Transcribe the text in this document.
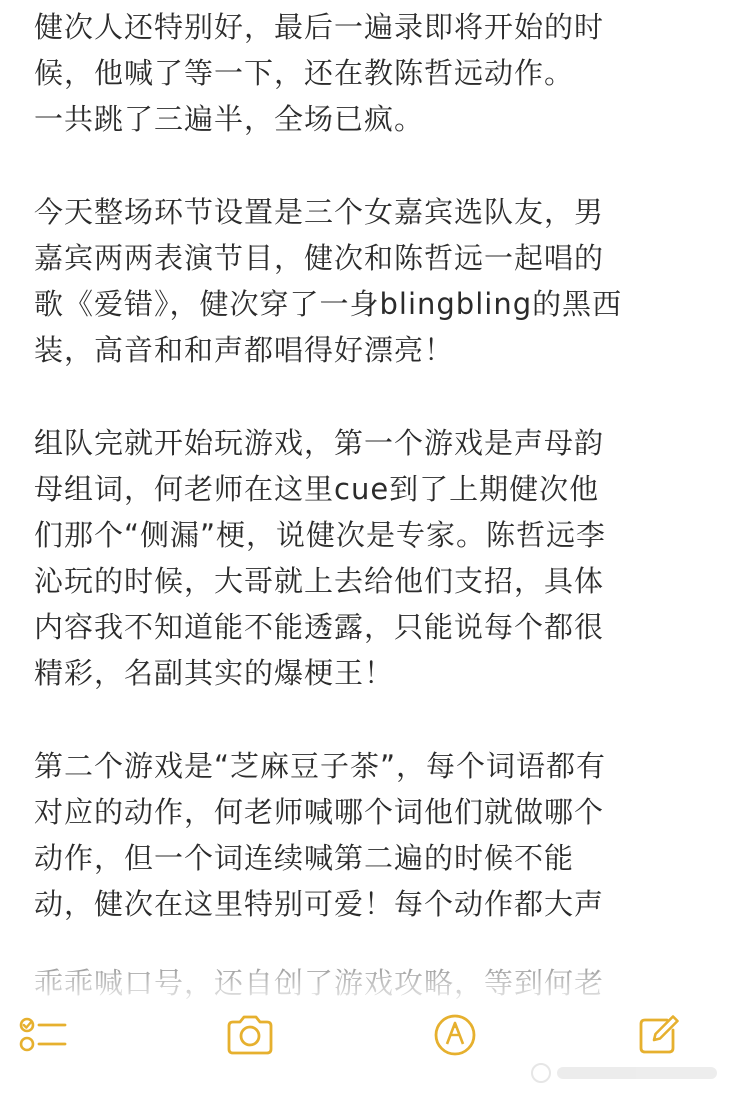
健次人还特别好，最后一遍录即将开始的时
候，他喊了等一下，还在教陈哲远动作。
一共跳了三遍半，全场已疯。
今天整场环节设置是三个女嘉宾选队友，男
嘉宾两两表演节目，健次和陈哲远一起唱的
歌《爱错》，健次穿了一身blingbling的黑西
装，高音和和声都唱得好漂亮！
组队完就开始玩游戏，第一个游戏是声母韵
母组词，何老师在这里cue到了上期健次他
们那个“侧漏”梗，说健次是专家。陈哲远李
沁玩的时候，大哥就上去给他们支招，具体
内容我不知道能不能透露，只能说每个都很
精彩，名副其实的爆梗王！
第二个游戏是“芝麻豆子茶”，每个词语都有
对应的动作，何老师喊哪个词他们就做哪个
动作，但一个词连续喊第二遍的时候不能
动，健次在这里特别可爱！每个动作都大声
